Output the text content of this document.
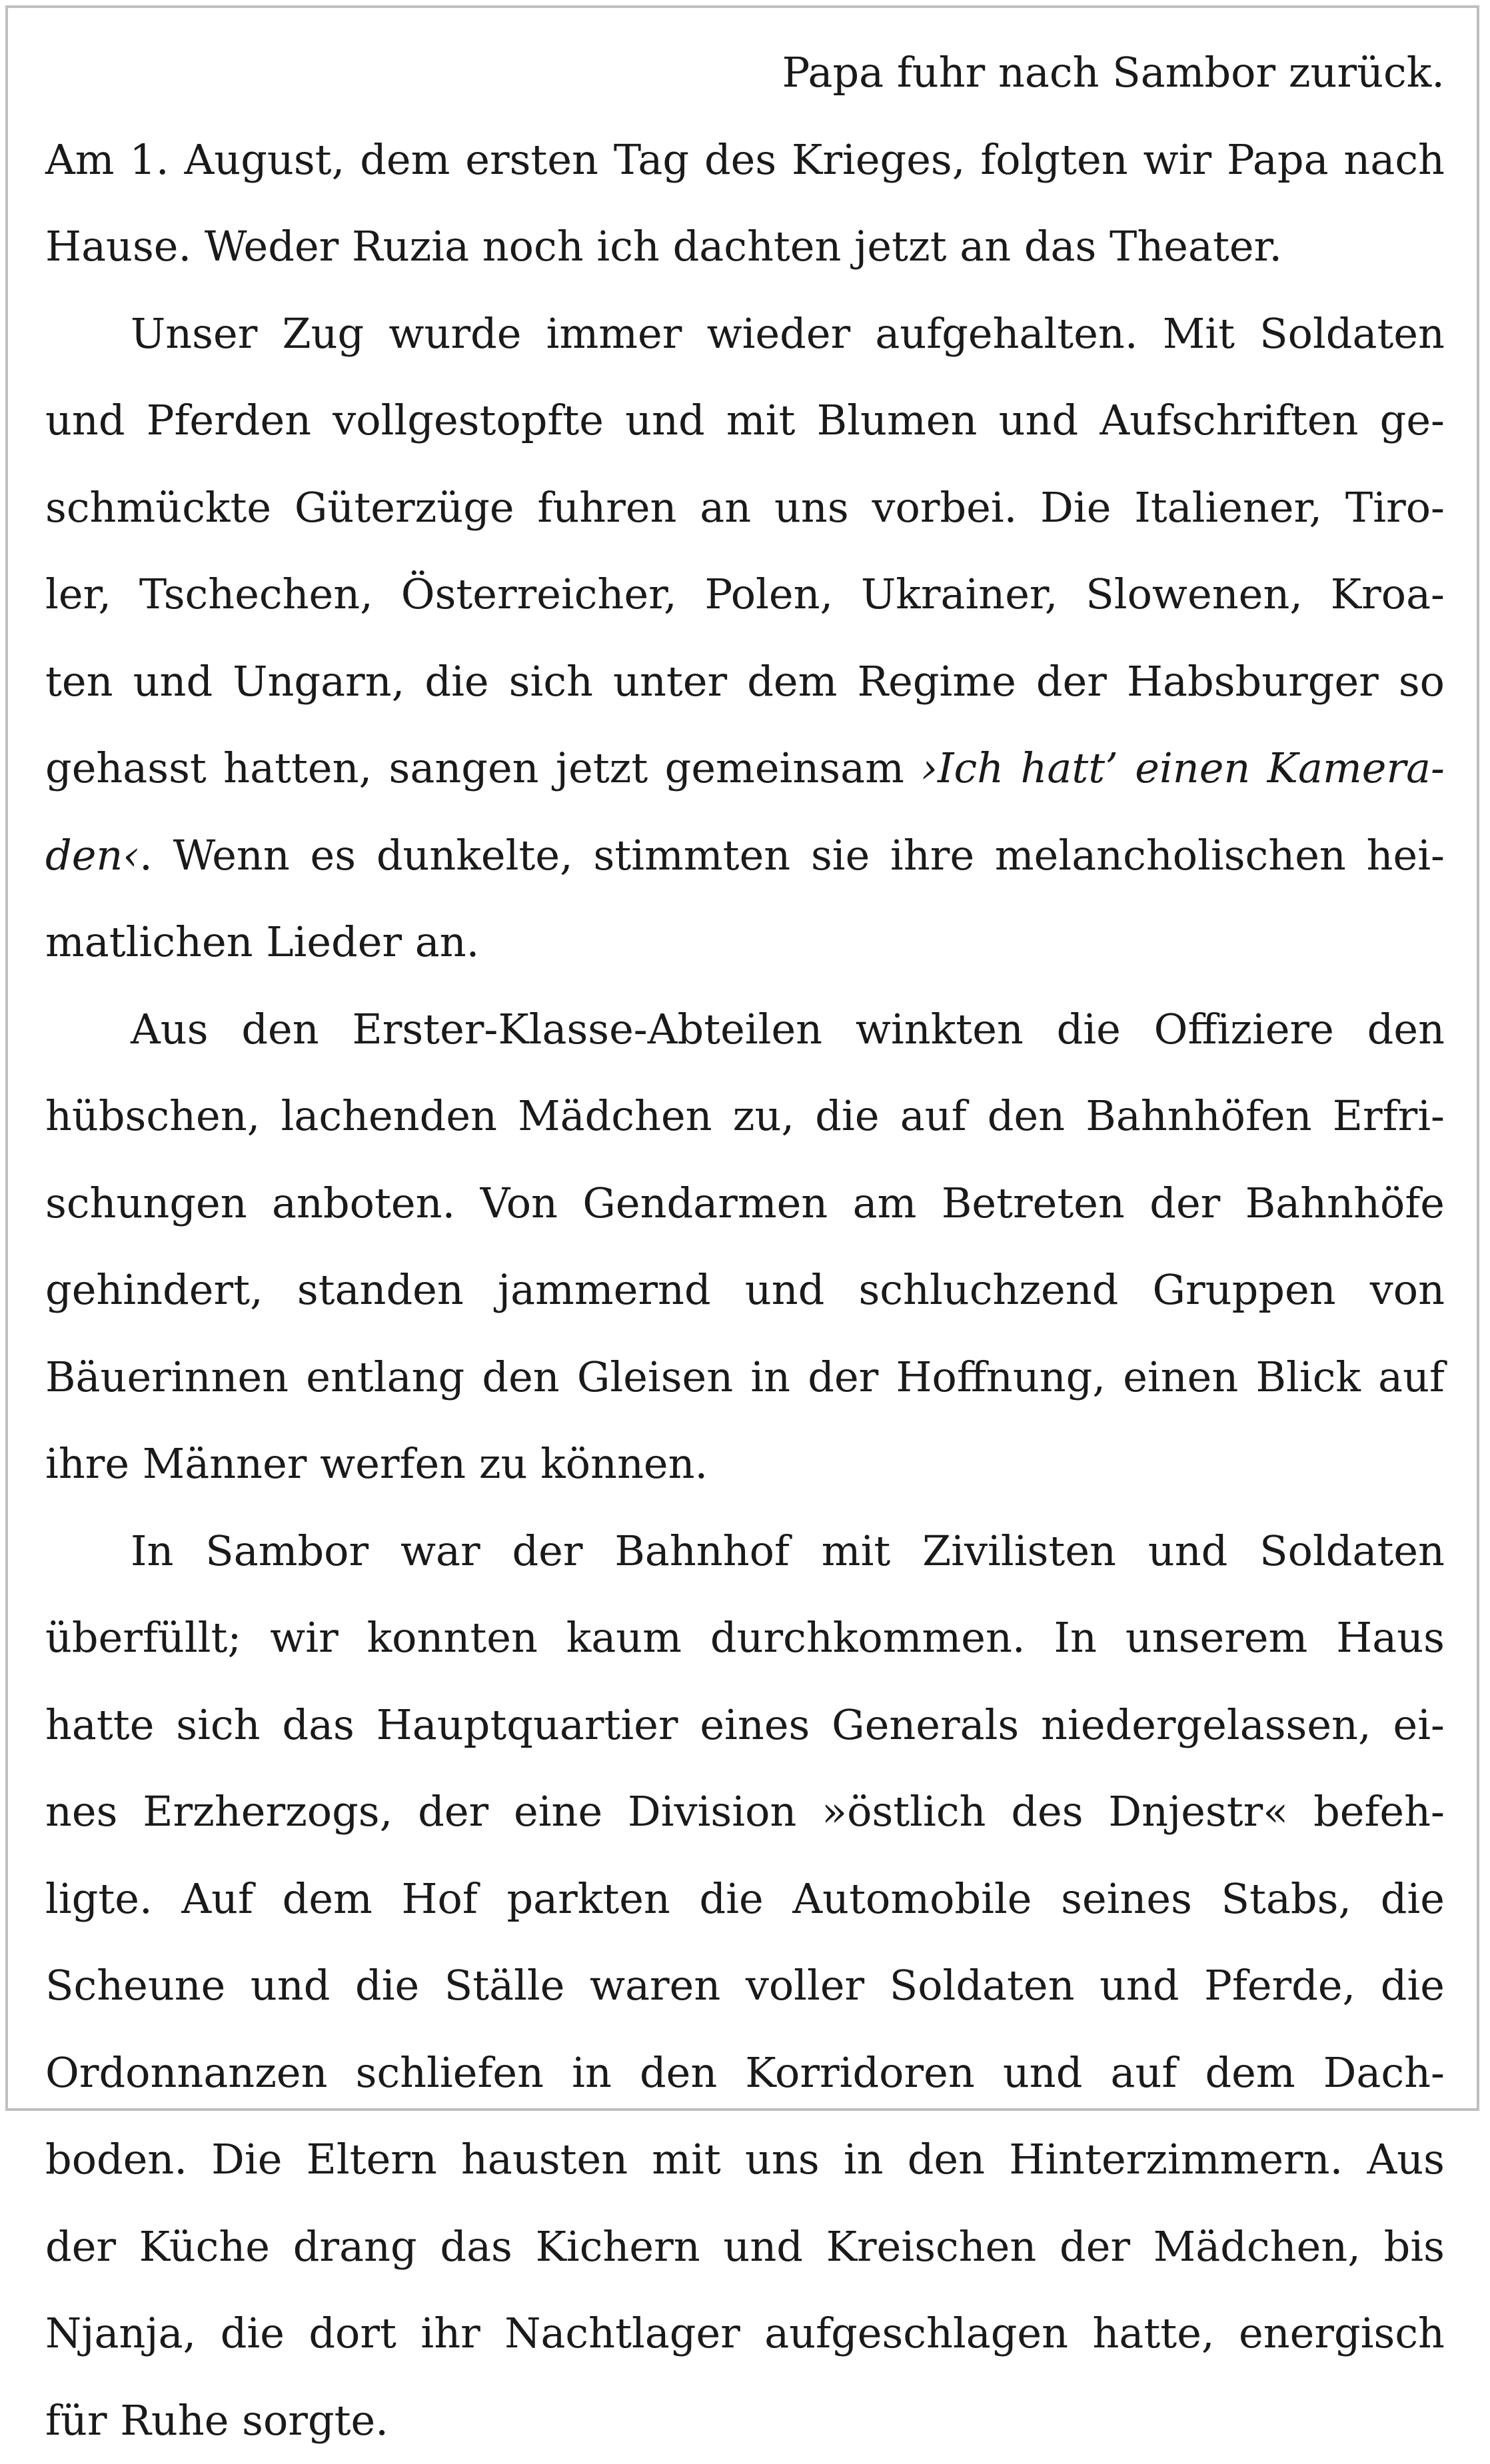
Papa fuhr nach Sambor zurück.
Am 1. August, dem ersten Tag des Krieges, folgten wir Papa nach
Hause. Weder Ruzia noch ich dachten jetzt an das Theater.
Unser Zug wurde immer wieder aufgehalten. Mit Soldaten
und Pferden vollgestopfte und mit Blumen und Aufschriften ge-
schmückte Güterzüge fuhren an uns vorbei. Die Italiener, Tiro-
ler, Tschechen, Österreicher, Polen, Ukrainer, Slowenen, Kroa-
ten und Ungarn, die sich unter dem Regime der Habsburger so
gehasst hatten, sangen jetzt gemeinsam ›Ich hatt’ einen Kamera-
den‹. Wenn es dunkelte, stimmten sie ihre melancholischen hei-
matlichen Lieder an.
Aus den Erster-Klasse-Abteilen winkten die Offiziere den
hübschen, lachenden Mädchen zu, die auf den Bahnhöfen Erfri-
schungen anboten. Von Gendarmen am Betreten der Bahnhöfe
gehindert, standen jammernd und schluchzend Gruppen von
Bäuerinnen entlang den Gleisen in der Hoffnung, einen Blick auf
ihre Männer werfen zu können.
In Sambor war der Bahnhof mit Zivilisten und Soldaten
überfüllt; wir konnten kaum durchkommen. In unserem Haus
hatte sich das Hauptquartier eines Generals niedergelassen, ei-
nes Erzherzogs, der eine Division »östlich des Dnjestr« befeh-
ligte. Auf dem Hof parkten die Automobile seines Stabs, die
Scheune und die Ställe waren voller Soldaten und Pferde, die
Ordonnanzen schliefen in den Korridoren und auf dem Dach-
boden. Die Eltern hausten mit uns in den Hinterzimmern. Aus
der Küche drang das Kichern und Kreischen der Mädchen, bis
Njanja, die dort ihr Nachtlager aufgeschlagen hatte, energisch
für Ruhe sorgte.
